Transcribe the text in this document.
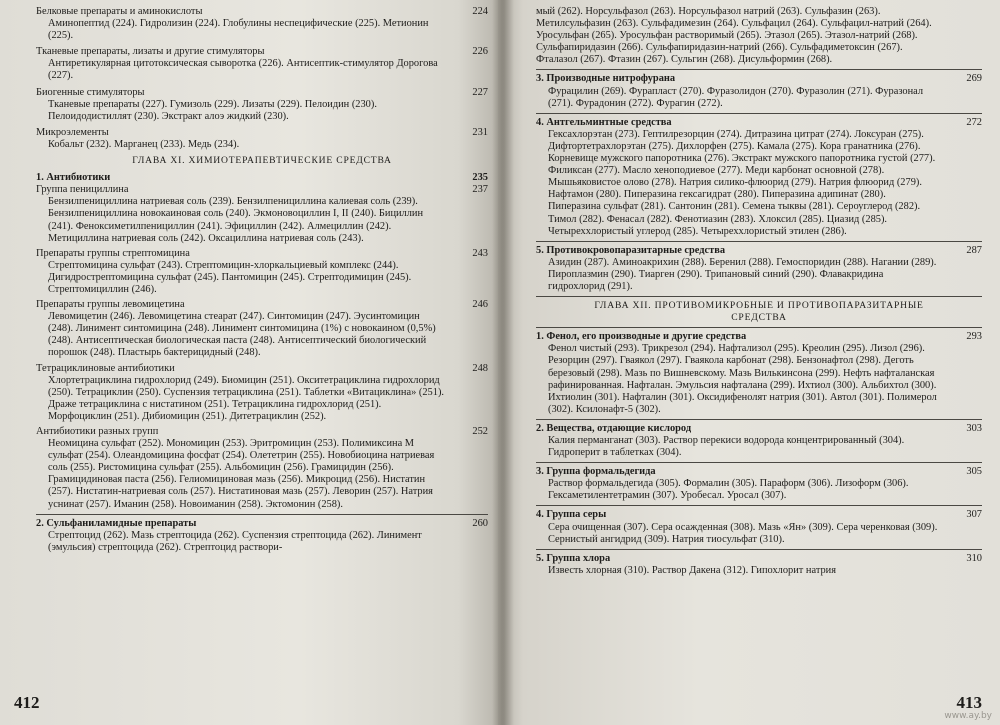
224
Белковые препараты и аминокислоты
Аминопептид (224). Гидролизин (224). Глобулины неспецифические (225). Метионин (225).
226
Тканевые препараты, лизаты и другие стимуляторы
Антиретикулярная цитотоксическая сыворотка (226). Антисептик-стимулятор Дорогова (227).
227
Биогенные стимуляторы
Тканевые препараты (227). Гумизоль (229). Лизаты (229). Пелоидин (230). Пелоидодистиллят (230). Экстракт алоэ жидкий (230).
231
Микроэлементы
Кобальт (232). Марганец (233). Медь (234).
ГЛАВА XI. ХИМИОТЕРАПЕВТИЧЕСКИЕ СРЕДСТВА
235
1. Антибиотики
237
Группа пенициллина
Бензилпенициллина натриевая соль (239). Бензилпенициллина калиевая соль (239). Бензилпенициллина новокаиновая соль (240). Экмоновоциллин I, II (240). Бициллин (241). Феноксиметилпенициллин (241). Эфициллин (242). Алмециллин (242). Метициллина натриевая соль (242). Оксациллина натриевая соль (243).
243
Препараты группы стрептомицина
Стрептомицина сульфат (243). Стрептомицин-хлоркальциевый комплекс (244). Дигидрострептомицина сульфат (245). Пантомицин (245). Стрептодимицин (245). Стрептомициллин (246).
246
Препараты группы левомицетина
Левомицетин (246). Левомицетина стеарат (247). Синтомицин (247). Эусинтомицин (248). Линимент синтомицина (248). Линимент синтомицина (1%) с новокаином (0,5%) (248). Антисептическая биологическая паста (248). Антисептический биологический порошок (248). Пластырь бактерицидный (248).
248
Тетрациклиновые антибиотики
Хлортетрациклина гидрохлорид (249). Биомицин (251). Окситетрациклина гидрохлорид (250). Тетрациклин (250). Суспензия тетрациклина (251). Таблетки «Витациклина» (251). Драже тетрациклина с нистатином (251). Тетрациклина гидрохлорид (251). Морфоциклин (251). Дибиомицин (251). Дитетрациклин (252).
252
Антибиотики разных групп
Неомицина сульфат (252). Мономицин (253). Эритромицин (253). Полимиксина М сульфат (254). Олеандомицина фосфат (254). Олететрин (255). Новобиоцина натриевая соль (255). Ристомицина сульфат (255). Альбомицин (256). Грамицидин (256). Грамицидиновая паста (256). Гелиомициновая мазь (256). Микроцид (256). Нистатин (257). Нистатин-натриевая соль (257). Нистатиновая мазь (257). Леворин (257). Натрия уснинат (257). Иманин (258). Новоиманин (258). Эктомонин (258).
260
2. Сульфаниламидные препараты
Стрептоцид (262). Мазь стрептоцида (262). Суспензия стрептоцида (262). Линимент (эмульсия) стрептоцида (262). Стрептоцид раствори-
412
мый (262). Норсульфазол (263). Норсульфазол натрий (263). Сульфазин (263). Метилсульфазин (263). Сульфадимезин (264). Сульфацил (264). Сульфацил-натрий (264). Уросульфан (265). Уросульфан растворимый (265). Этазол (265). Этазол-натрий (268). Сульфапиридазин (266). Сульфапиридазин-натрий (266). Сульфадиметоксин (267). Фталазол (267). Фтазин (267). Сульгин (268). Дисульформин (268).
269
3. Производные нитрофурана
Фурацилин (269). Фурапласт (270). Фуразолидон (270). Фуразолин (271). Фуразонал (271). Фурадонин (272). Фурагин (272).
272
4. Антгельминтные средства
Гексахлорэтан (273). Гептилрезорцин (274). Дитразина цитрат (274). Локсуран (275). Дифтортетрахлорэтан (275). Дихлорфен (275). Камала (275). Кора гранатника (276). Корневище мужского папоротника (276). Экстракт мужского папоротника густой (277). Филиксан (277). Масло хеноподиевое (277). Меди карбонат основной (278). Мышьяковистое олово (278). Натрия силико-флюорид (279). Натрия флюорид (279). Нафтамон (280). Пиперазина гексагидрат (280). Пиперазина адипинат (280). Пиперазина сульфат (281). Сантонин (281). Семена тыквы (281). Сероуглерод (282). Тимол (282). Фенасал (282). Фенотиазин (283). Хлоксил (285). Циазид (285). Четыреххлористый углерод (285). Четыреххлористый этилен (286).
287
5. Противокровопаразитарные средства
Азидин (287). Аминоакрихин (288). Беренил (288). Гемоспоридин (288). Нагании (289). Пироплазмин (290). Тиарген (290). Трипановый синий (290). Флавакридина гидрохлорид (291).
ГЛАВА XII. ПРОТИВОМИКРОБНЫЕ И ПРОТИВОПАРАЗИТАРНЫЕ
СРЕДСТВА
293
1. Фенол, его производные и другие средства
Фенол чистый (293). Трикрезол (294). Нафтализол (295). Креолин (295). Лизол (296). Резорцин (297). Гваякол (297). Гваякола карбонат (298). Бензонафтол (298). Деготь березовый (298). Мазь по Вишневскому. Мазь Вилькинсона (299). Нефть нафталанская рафинированная. Нафталан. Эмульсия нафталана (299). Ихтиол (300). Альбихтол (300). Ихтиолин (301). Нафталин (301). Оксидифенолят натрия (301). Автол (301). Полимерол (302). Ксилонафт-5 (302).
303
2. Вещества, отдающие кислород
Калия перманганат (303). Раствор перекиси водорода концентрированный (304). Гидроперит в таблетках (304).
305
3. Группа формальдегида
Раствор формальдегида (305). Формалин (305). Параформ (306). Лизоформ (306). Гексаметилентетрамин (307). Уробесал. Уросал (307).
307
4. Группа серы
Сера очищенная (307). Сера осажденная (308). Мазь «Ян» (309). Сера черенковая (309). Сернистый ангидрид (309). Натрия тиосульфат (310).
310
5. Группа хлора
Известь хлорная (310). Раствор Дакена (312). Гипохлорит натрия
413
www.ay.by
